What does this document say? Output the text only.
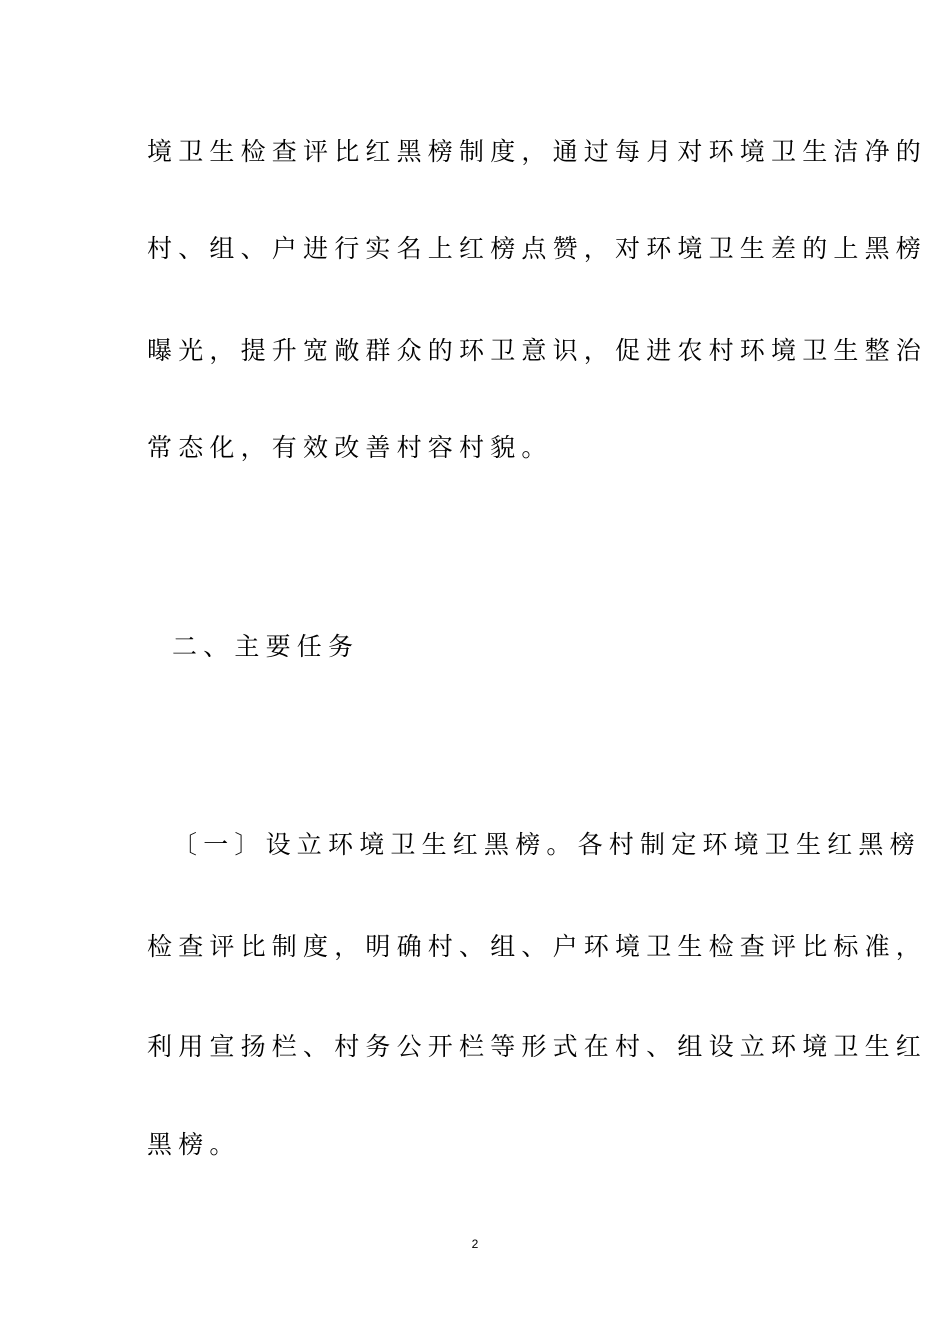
境卫生检查评比红黑榜制度，通过每月对环境卫生洁净的
村、组、户进行实名上红榜点赞，对环境卫生差的上黑榜
曝光，提升宽敞群众的环卫意识，促进农村环境卫生整治
常态化，有效改善村容村貌。
二、主要任务
〔一〕设立环境卫生红黑榜。各村制定环境卫生红黑榜
检查评比制度，明确村、组、户环境卫生检查评比标准，
利用宣扬栏、村务公开栏等形式在村、组设立环境卫生红
黑榜。
2
